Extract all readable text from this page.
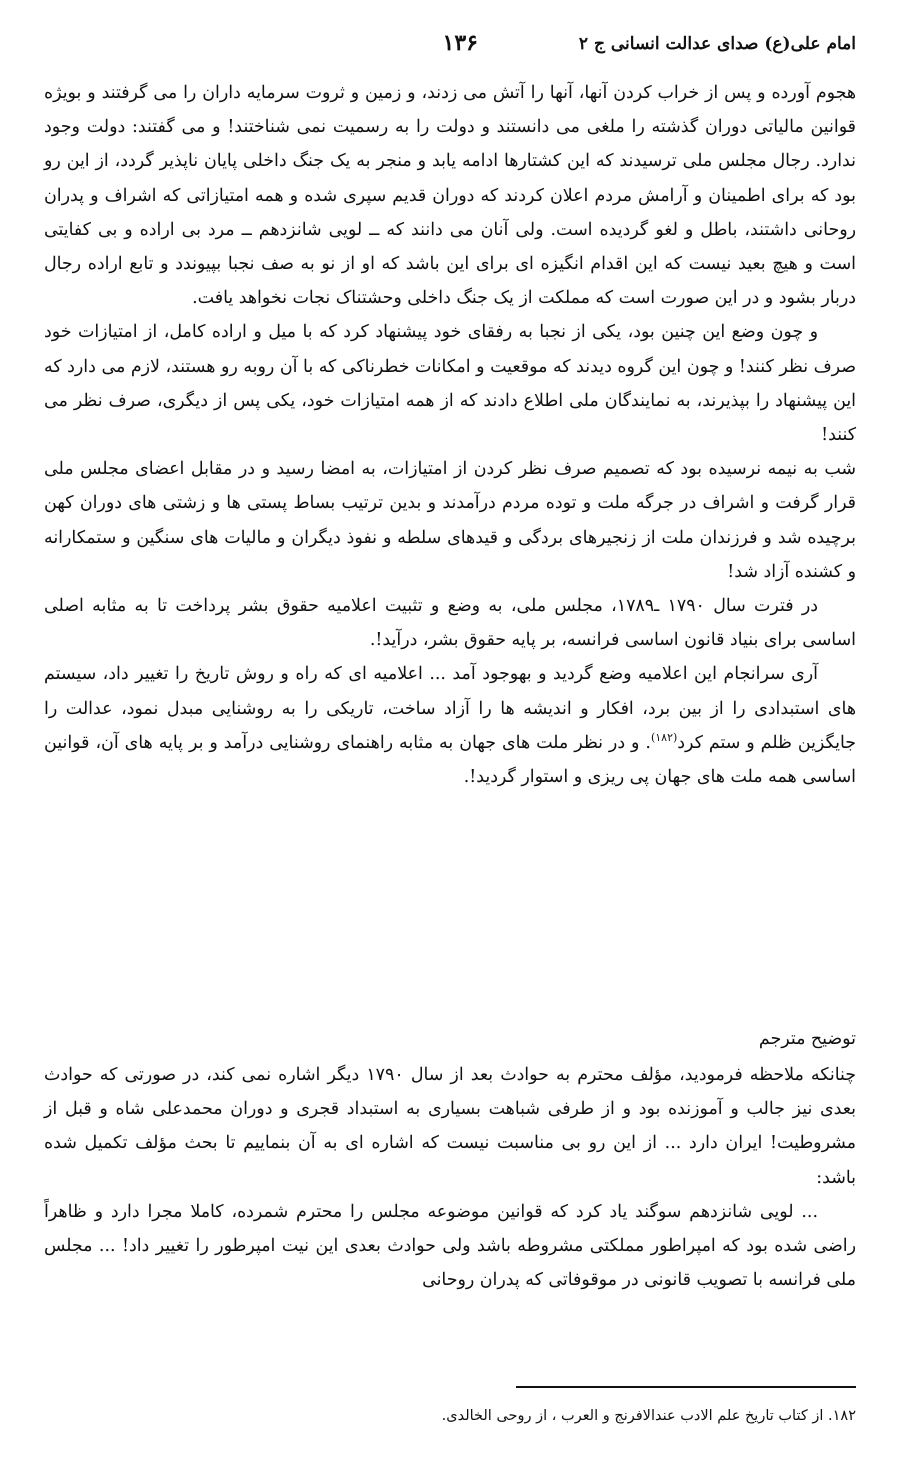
امام علی(ع) صدای عدالت انسانی ج ۲
۱۳۶

هجوم آورده و پس از خراب کردن آنها، آنها را آتش می زدند، و زمین و ثروت سرمایه داران را می گرفتند و بویژه قوانین مالیاتی دوران گذشته را ملغی می دانستند و دولت را به رسمیت نمی شناختند! و می گفتند: دولت وجود ندارد. رجال مجلس ملی ترسیدند که این کشتارها ادامه یابد و منجر به یک جنگ داخلی پایان ناپذیر گردد، از این رو بود که برای اطمینان و آرامش مردم اعلان کردند که دوران قدیم سپری شده و همه امتیازاتی که اشراف و پدران روحانی داشتند، باطل و لغو گردیده است. ولی آنان می دانند که ــ لویی شانزدهم ــ مرد بی اراده و بی کفایتی است و هیچ بعید نیست که این اقدام انگیزه ای برای این باشد که او از نو به صف نجبا بپیوندد و تابع اراده رجال دربار بشود و در این صورت است که مملکت از یک جنگ داخلی وحشتناک نجات نخواهد یافت.

و چون وضع این چنین بود، یکی از نجبا به رفقای خود پیشنهاد کرد که با میل و اراده کامل، از امتیازات خود صرف نظر کنند! و چون این گروه دیدند که موقعیت و امکانات خطرناکی که با آن روبه رو هستند، لازم می دارد که این پیشنهاد را بپذیرند، به نمایندگان ملی اطلاع دادند که از همه امتیازات خود، یکی پس از دیگری، صرف نظر می کنند!

شب به نیمه نرسیده بود که تصمیم صرف نظر کردن از امتیازات، به امضا رسید و در مقابل اعضای مجلس ملی قرار گرفت و اشراف در جرگه ملت و توده مردم درآمدند و بدین ترتیب بساط پستی ها و زشتی های دوران کهن برچیده شد و فرزندان ملت از زنجیرهای بردگی و قیدهای سلطه و نفوذ دیگران و مالیات های سنگین و ستمکارانه و کشنده آزاد شد!

در فترت سال ۱۷۹۰ ـ۱۷۸۹، مجلس ملی، به وضع و تثبیت اعلامیه حقوق بشر پرداخت تا به مثابه اصلی اساسی برای بنیاد قانون اساسی فرانسه، بر پایه حقوق بشر، درآید!.

آری سرانجام این اعلامیه وضع گردید و بهوجود آمد ... اعلامیه ای که راه و روش تاریخ را تغییر داد، سیستم های استبدادی را از بین برد، افکار و اندیشه ها را آزاد ساخت، تاریکی را به روشنایی مبدل نمود، عدالت را جایگزین ظلم و ستم کرد$^{(۱۸۲)}$. و در نظر ملت های جهان به مثابه راهنمای روشنایی درآمد و بر پایه های آن، قوانین اساسی همه ملت های جهان پی ریزی و استوار گردید!.

توضیح مترجم

چنانکه ملاحظه فرمودید، مؤلف محترم به حوادث بعد از سال ۱۷۹۰ دیگر اشاره نمی کند، در صورتی که حوادث بعدی نیز جالب و آموزنده بود و از طرفی شباهت بسیاری به استبداد قجری و دوران محمدعلی شاه و قبل از مشروطیت! ایران دارد ... از این رو بی مناسبت نیست که اشاره ای به آن بنماییم تا بحث مؤلف تکمیل شده باشد:

... لویی شانزدهم سوگند یاد کرد که قوانین موضوعه مجلس را محترم شمرده، کاملا مجرا دارد و ظاهراً راضی شده بود که امپراطور مملکتی مشروطه باشد ولی حوادث بعدی این نیت امپرطور را تغییر داد! ... مجلس ملی فرانسه با تصویب قانونی در موقوفاتی که پدران روحانی

۱۸۲. از کتاب تاریخ علم الادب عندالافرنج و العرب ، از روحی الخالدی.
